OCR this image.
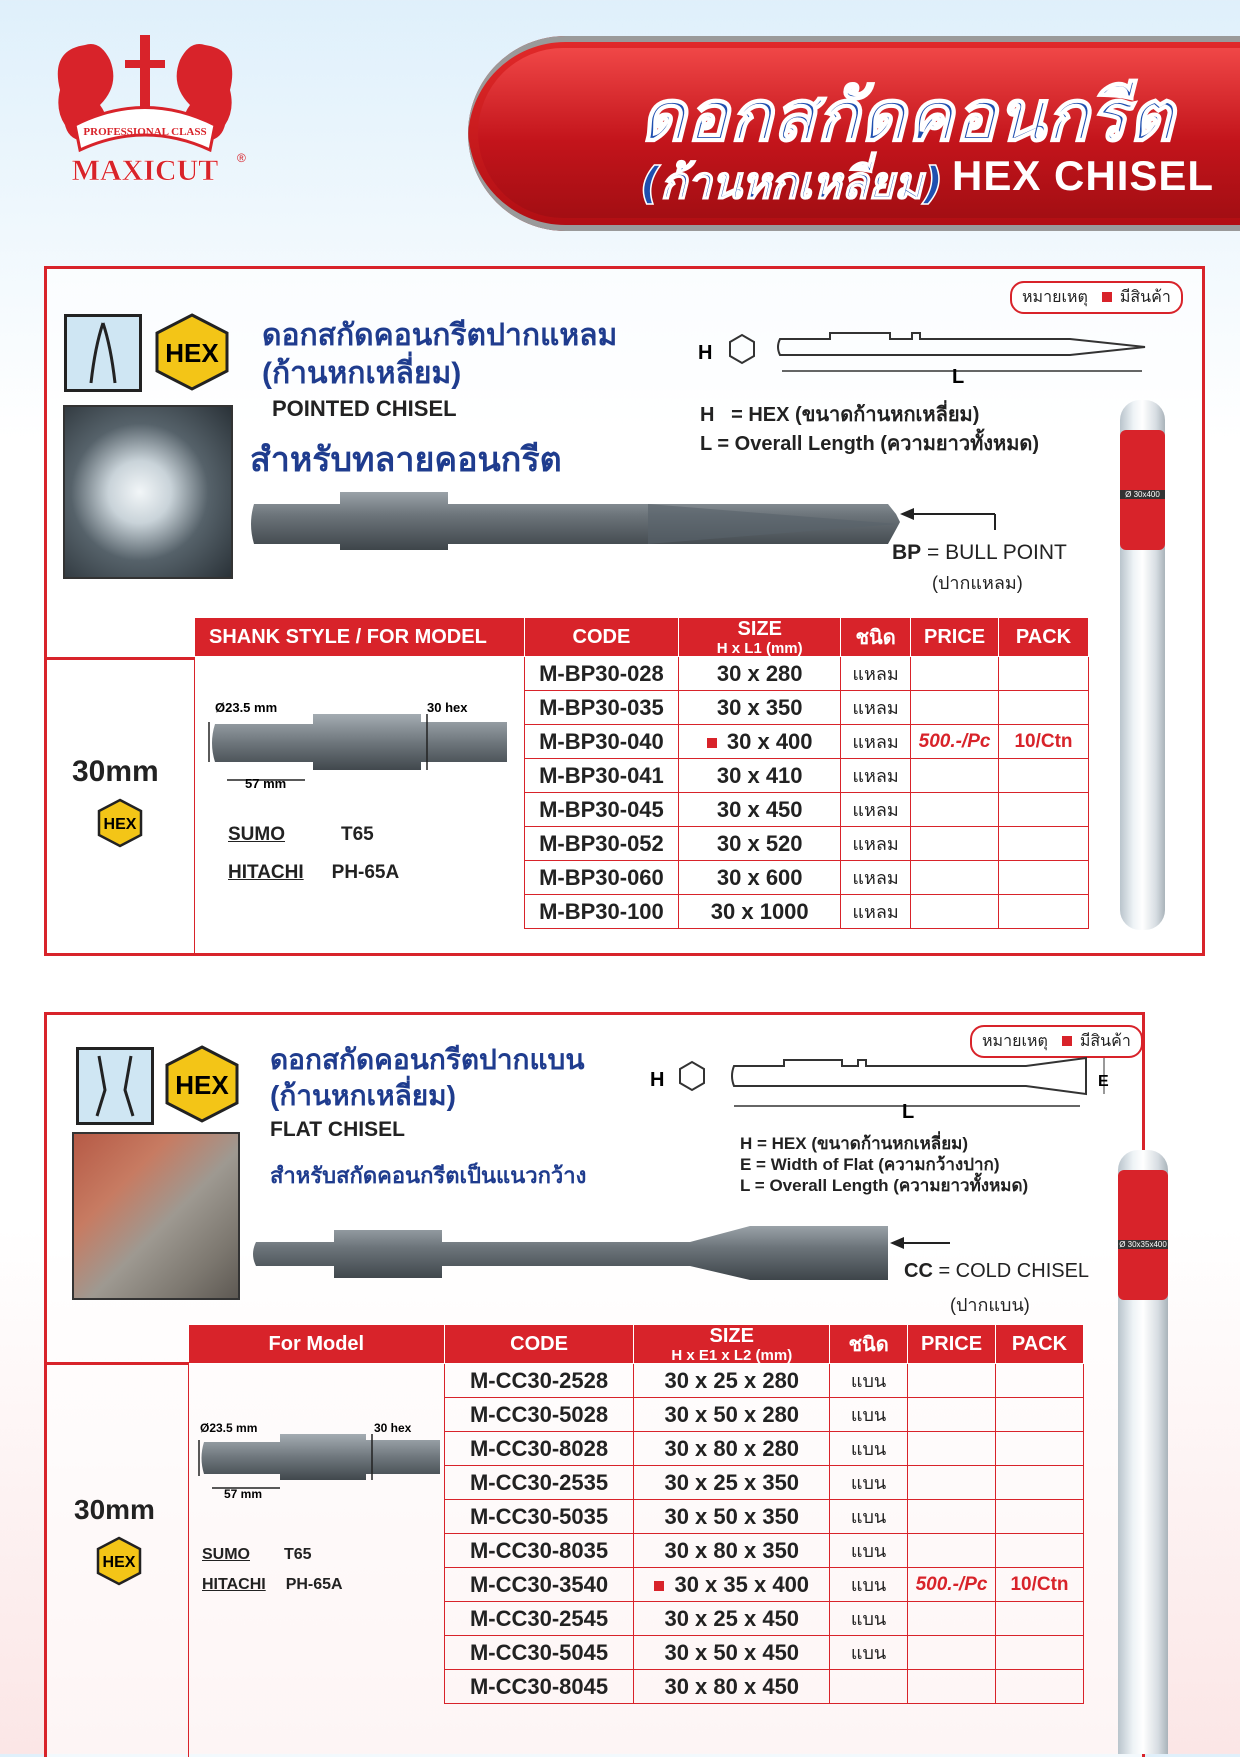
PROFESSIONAL CLASS
MAXICUT ®
ดอกสกัดคอนกรีต
(ก้านหกเหลี่ยม) HEX CHISEL
หมายเหตุ มีสินค้า
HEX
ดอกสกัดคอนกรีตปากแหลม
(ก้านหกเหลี่ยม)
POINTED CHISEL
สำหรับทลายคอนกรีต
H
L
H   = HEX (ขนาดก้านหกเหลี่ยม)
L = Overall Length (ความยาวทั้งหมด)
BP = BULL POINT
(ปากแหลม)
Ø 30x400
SHANK STYLE / FOR MODEL	CODE	SIZE
H x L1 (mm)	ชนิด	PRICE	PACK
	M-BP30-028	30 x 280	แหลม		
	M-BP30-035	30 x 350	แหลม		
	M-BP30-040	30 x 400	แหลม	500.-/Pc	10/Ctn
	M-BP30-041	30 x 410	แหลม		
	M-BP30-045	30 x 450	แหลม		
	M-BP30-052	30 x 520	แหลม		
	M-BP30-060	30 x 600	แหลม		
	M-BP30-100	30 x 1000	แหลม		
30mm
HEX
Ø23.5 mm	30 hex
57 mm
SUMO	T65
HITACHI PH-65A
หมายเหตุ มีสินค้า
HEX
ดอกสกัดคอนกรีตปากแบน
(ก้านหกเหลี่ยม)
FLAT CHISEL
สำหรับสกัดคอนกรีตเป็นแนวกว้าง
H	E
L
H = HEX (ขนาดก้านหกเหลี่ยม)
E = Width of Flat (ความกว้างปาก)
L = Overall Length (ความยาวทั้งหมด)
CC = COLD CHISEL
(ปากแบน)
Ø 30x35x400
For Model	CODE	SIZE
H x E1 x L2 (mm)	ชนิด	PRICE	PACK
	M-CC30-2528	30 x 25 x 280	แบน		
	M-CC30-5028	30 x 50 x 280	แบน		
	M-CC30-8028	30 x 80 x 280	แบน		
	M-CC30-2535	30 x 25 x 350	แบน		
	M-CC30-5035	30 x 50 x 350	แบน		
	M-CC30-8035	30 x 80 x 350	แบน		
	M-CC30-3540	30 x 35 x 400	แบน	500.-/Pc	10/Ctn
	M-CC30-2545	30 x 25 x 450	แบน		
	M-CC30-5045	30 x 50 x 450	แบน		
	M-CC30-8045	30 x 80 x 450			
30mm
HEX
Ø23.5 mm	30 hex
57 mm
SUMO T65
HITACHI PH-65A
